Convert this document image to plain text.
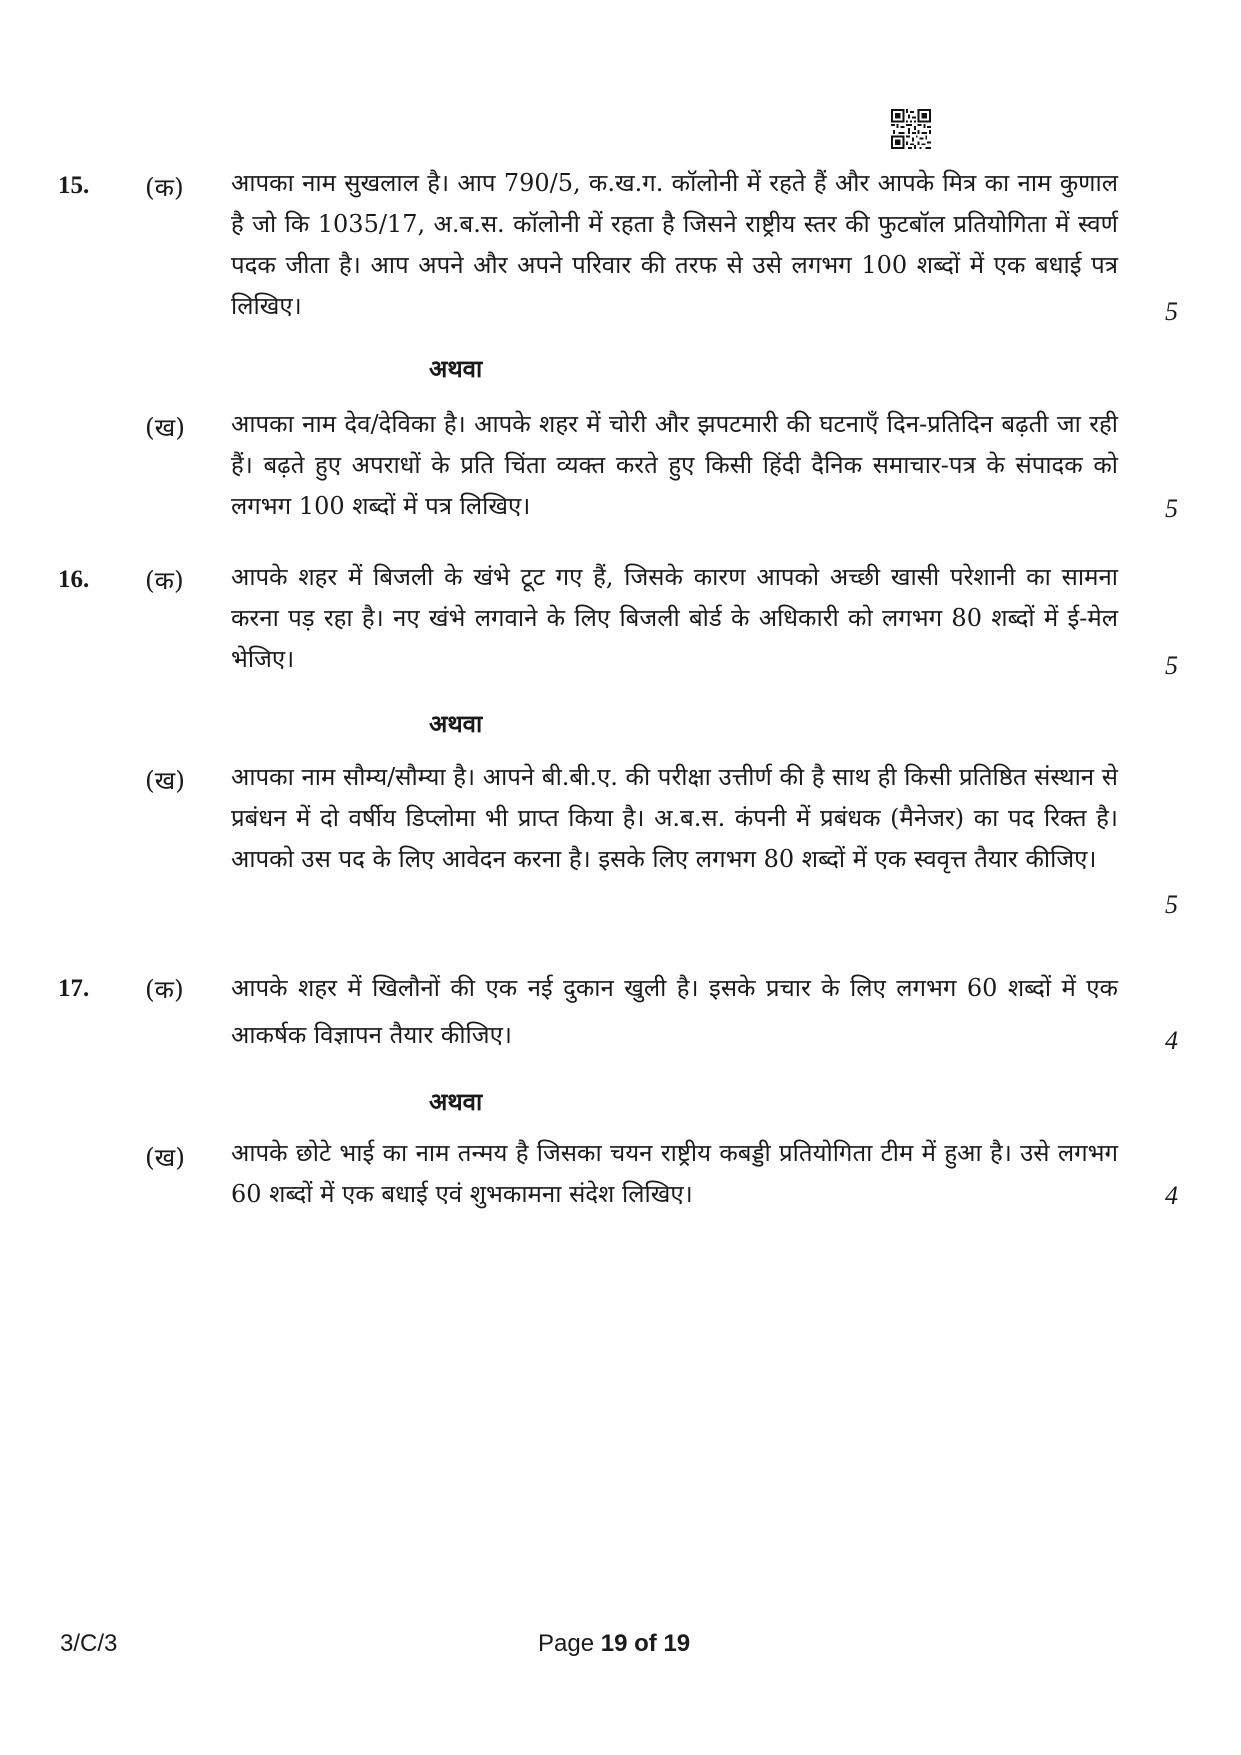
15. (क) आपका नाम सुखलाल है। आप 790/5, क.ख.ग. कॉलोनी में रहते हैं और आपके मित्र का नाम कुणाल है जो कि 1035/17, अ.ब.स. कॉलोनी में रहता है जिसने राष्ट्रीय स्तर की फुटबॉल प्रतियोगिता में स्वर्ण पदक जीता है। आप अपने और अपने परिवार की तरफ से उसे लगभग 100 शब्दों में एक बधाई पत्र लिखिए।	5
अथवा
(ख) आपका नाम देव/देविका है। आपके शहर में चोरी और झपटमारी की घटनाएँ दिन-प्रतिदिन बढ़ती जा रही हैं। बढ़ते हुए अपराधों के प्रति चिंता व्यक्त करते हुए किसी हिंदी दैनिक समाचार-पत्र के संपादक को लगभग 100 शब्दों में पत्र लिखिए।	5
16. (क) आपके शहर में बिजली के खंभे टूट गए हैं, जिसके कारण आपको अच्छी खासी परेशानी का सामना करना पड़ रहा है। नए खंभे लगवाने के लिए बिजली बोर्ड के अधिकारी को लगभग 80 शब्दों में ई-मेल भेजिए।	5
अथवा
(ख) आपका नाम सौम्य/सौम्या है। आपने बी.बी.ए. की परीक्षा उत्तीर्ण की है साथ ही किसी प्रतिष्ठित संस्थान से प्रबंधन में दो वर्षीय डिप्लोमा भी प्राप्त किया है। अ.ब.स. कंपनी में प्रबंधक (मैनेजर) का पद रिक्त है। आपको उस पद के लिए आवेदन करना है। इसके लिए लगभग 80 शब्दों में एक स्ववृत्त तैयार कीजिए।

5
17. (क) आपके शहर में खिलौनों की एक नई दुकान खुली है। इसके प्रचार के लिए लगभग 60 शब्दों में एक आकर्षक विज्ञापन तैयार कीजिए।	4
अथवा
(ख) आपके छोटे भाई का नाम तन्मय है जिसका चयन राष्ट्रीय कबड्डी प्रतियोगिता टीम में हुआ है। उसे लगभग 60 शब्दों में एक बधाई एवं शुभकामना संदेश लिखिए।	4
3/C/3	Page 19 of 19
